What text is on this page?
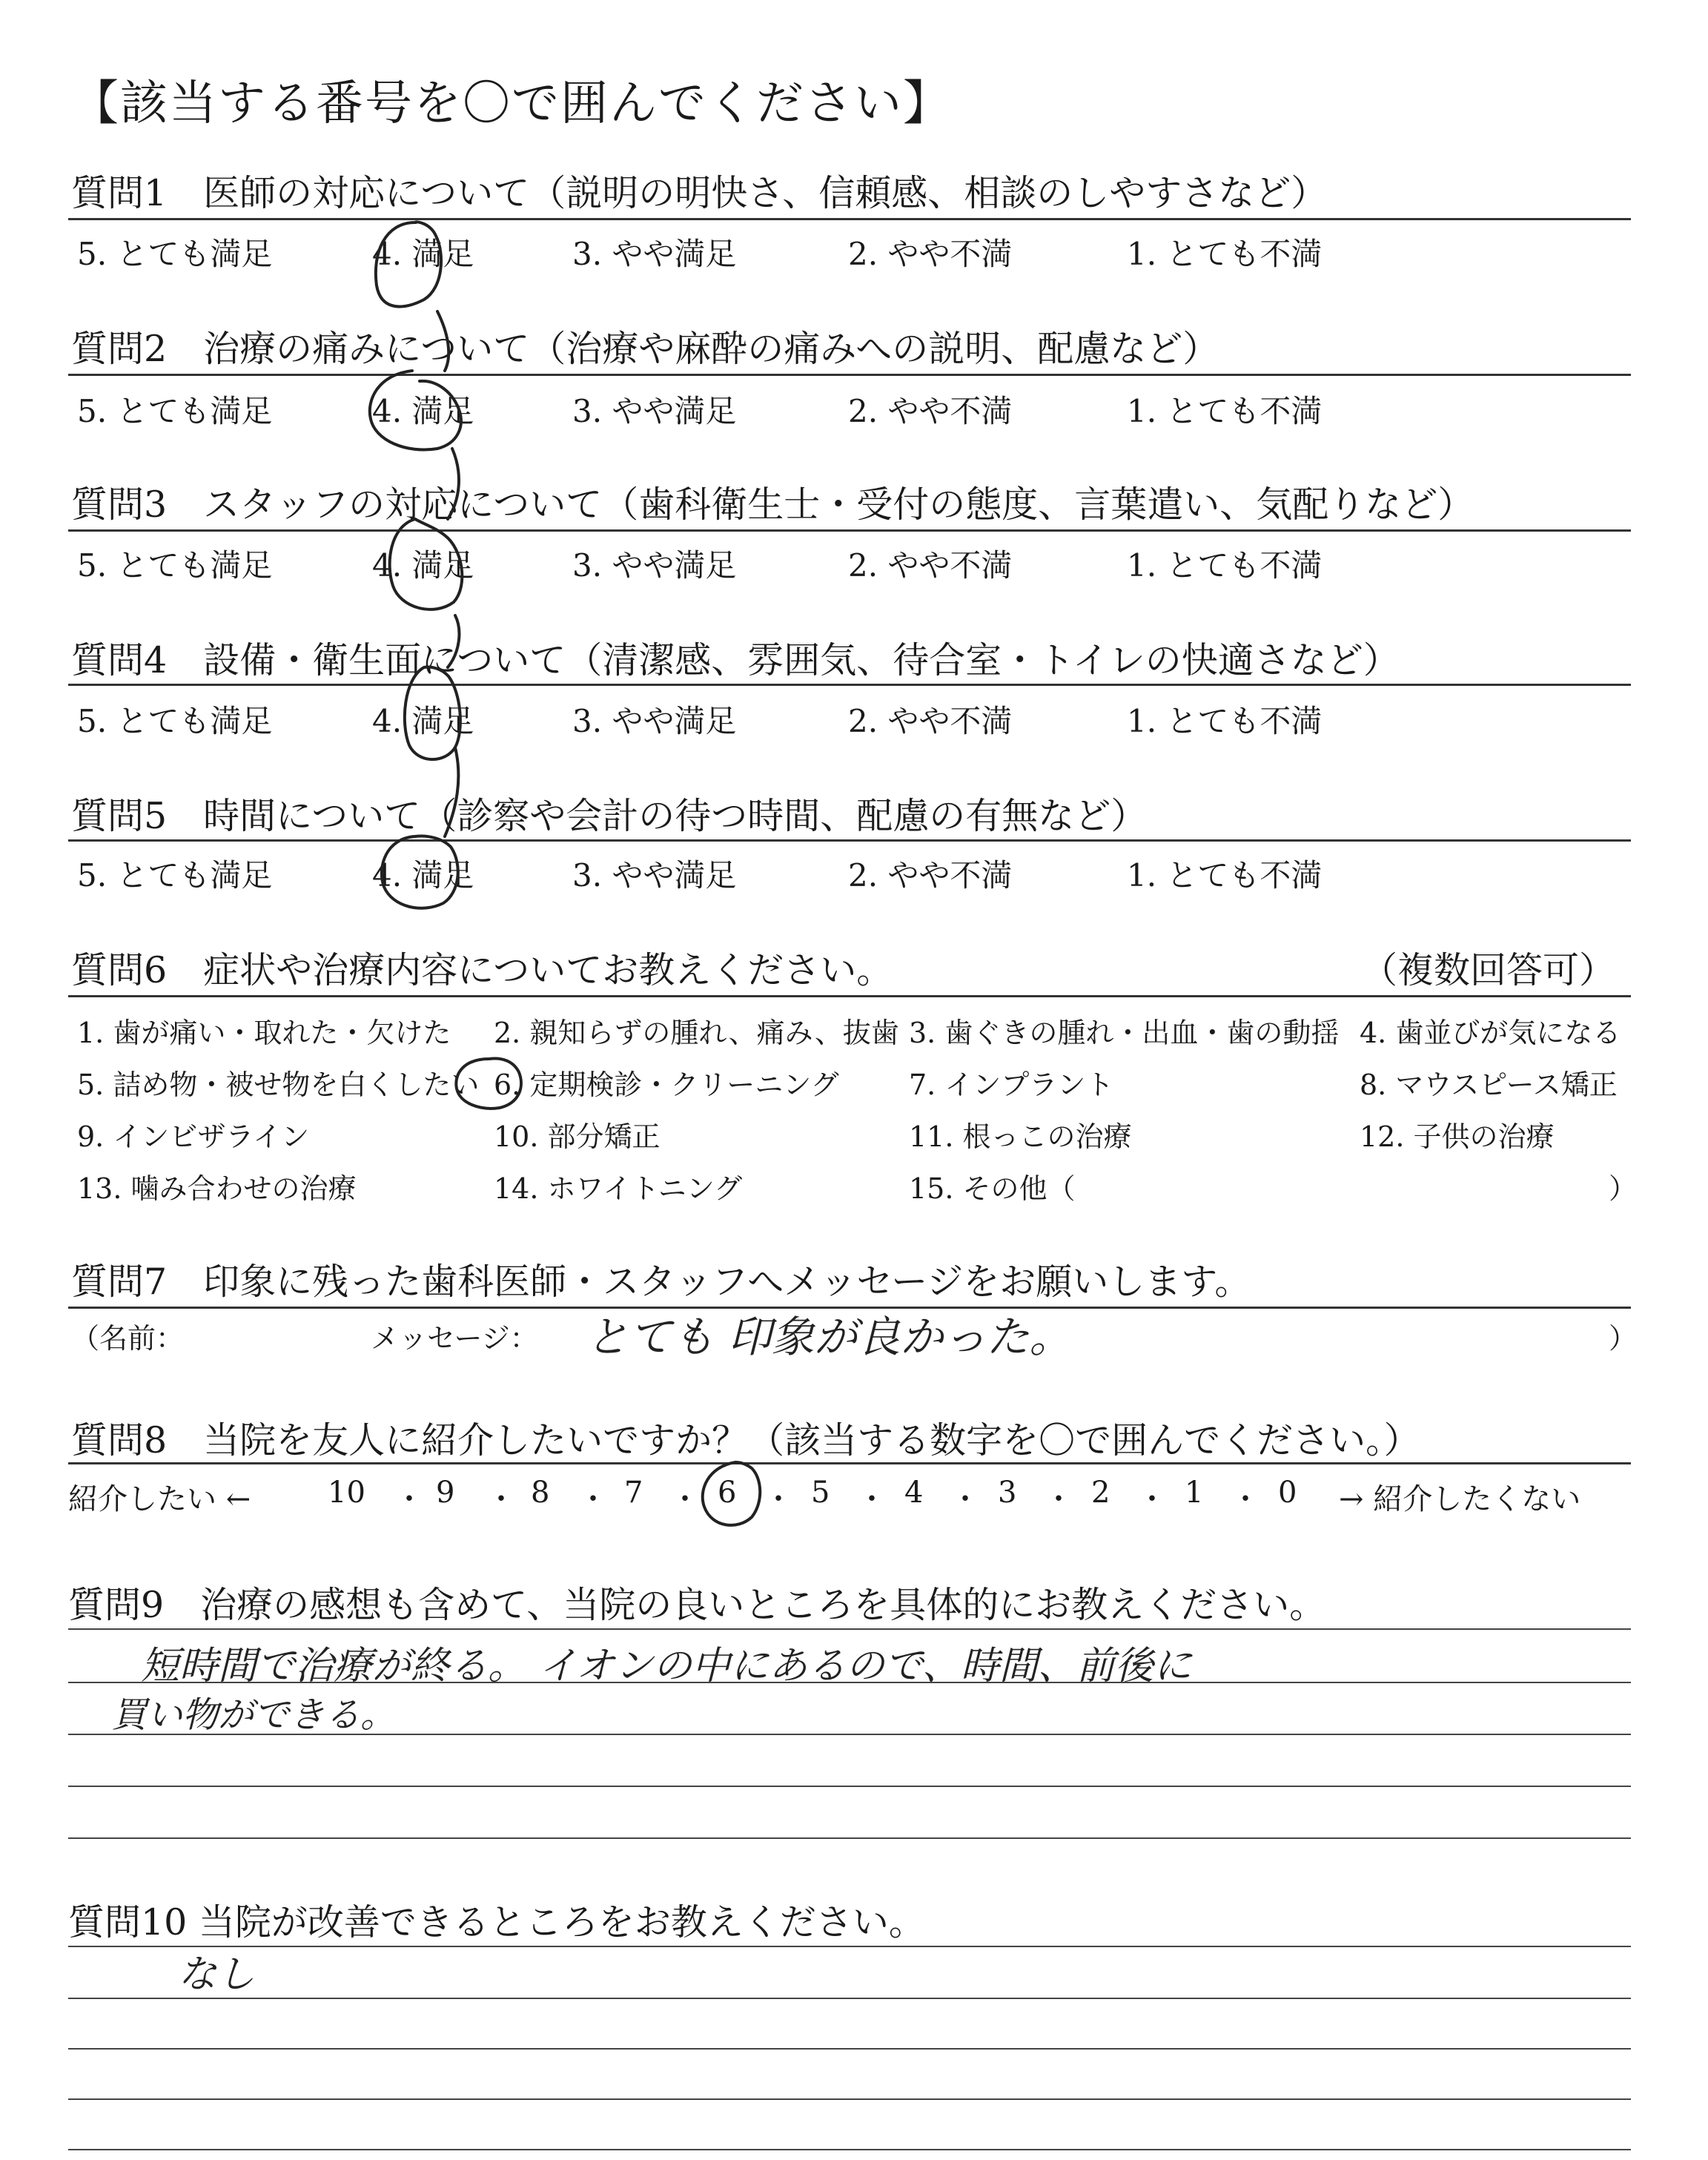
【該当する番号を〇で囲んでください】
質問1　医師の対応について（説明の明快さ、信頼感、相談のしやすさなど）
5. とても満足	4. 満足	3. やや満足	2. やや不満	1. とても不満
質問2　治療の痛みについて（治療や麻酔の痛みへの説明、配慮など）
5. とても満足	4. 満足	3. やや満足	2. やや不満	1. とても不満
質問3　スタッフの対応について（歯科衛生士・受付の態度、言葉遣い、気配りなど）
5. とても満足	4. 満足	3. やや満足	2. やや不満	1. とても不満
質問4　設備・衛生面について（清潔感、雰囲気、待合室・トイレの快適さなど）
5. とても満足	4. 満足	3. やや満足	2. やや不満	1. とても不満
質問5　時間について（診察や会計の待つ時間、配慮の有無など）
5. とても満足	4. 満足	3. やや満足	2. やや不満	1. とても不満
質問6　症状や治療内容についてお教えください。	（複数回答可）
1. 歯が痛い・取れた・欠けた 2. 親知らずの腫れ、痛み、抜歯 3. 歯ぐきの腫れ・出血・歯の動揺 4. 歯並びが気になる
5. 詰め物・被せ物を白くしたい 6. 定期検診・クリーニング 7. インプラント	8. マウスピース矯正
9. インビザライン	10. 部分矯正	11. 根っこの治療	12. 子供の治療
13. 噛み合わせの治療	14. ホワイトニング	15. その他（	）
質問7　印象に残った歯科医師・スタッフへメッセージをお願いします。
（名前：	メッセージ： とても 印象が良かった。	）
質問8　当院を友人に紹介したいですか？（該当する数字を〇で囲んでください。）
紹介したい ←	10 ・ 9 ・ 8 ・ 7 ・ 6 ・ 5 ・ 4 ・ 3 ・ 2 ・ 1 ・ 0 → 紹介したくない
質問9　治療の感想も含めて、当院の良いところを具体的にお教えください。
短時間で治療が終る。 イオンの中にあるので、時間、前後に
買い物ができる。
質問10 当院が改善できるところをお教えください。
なし
